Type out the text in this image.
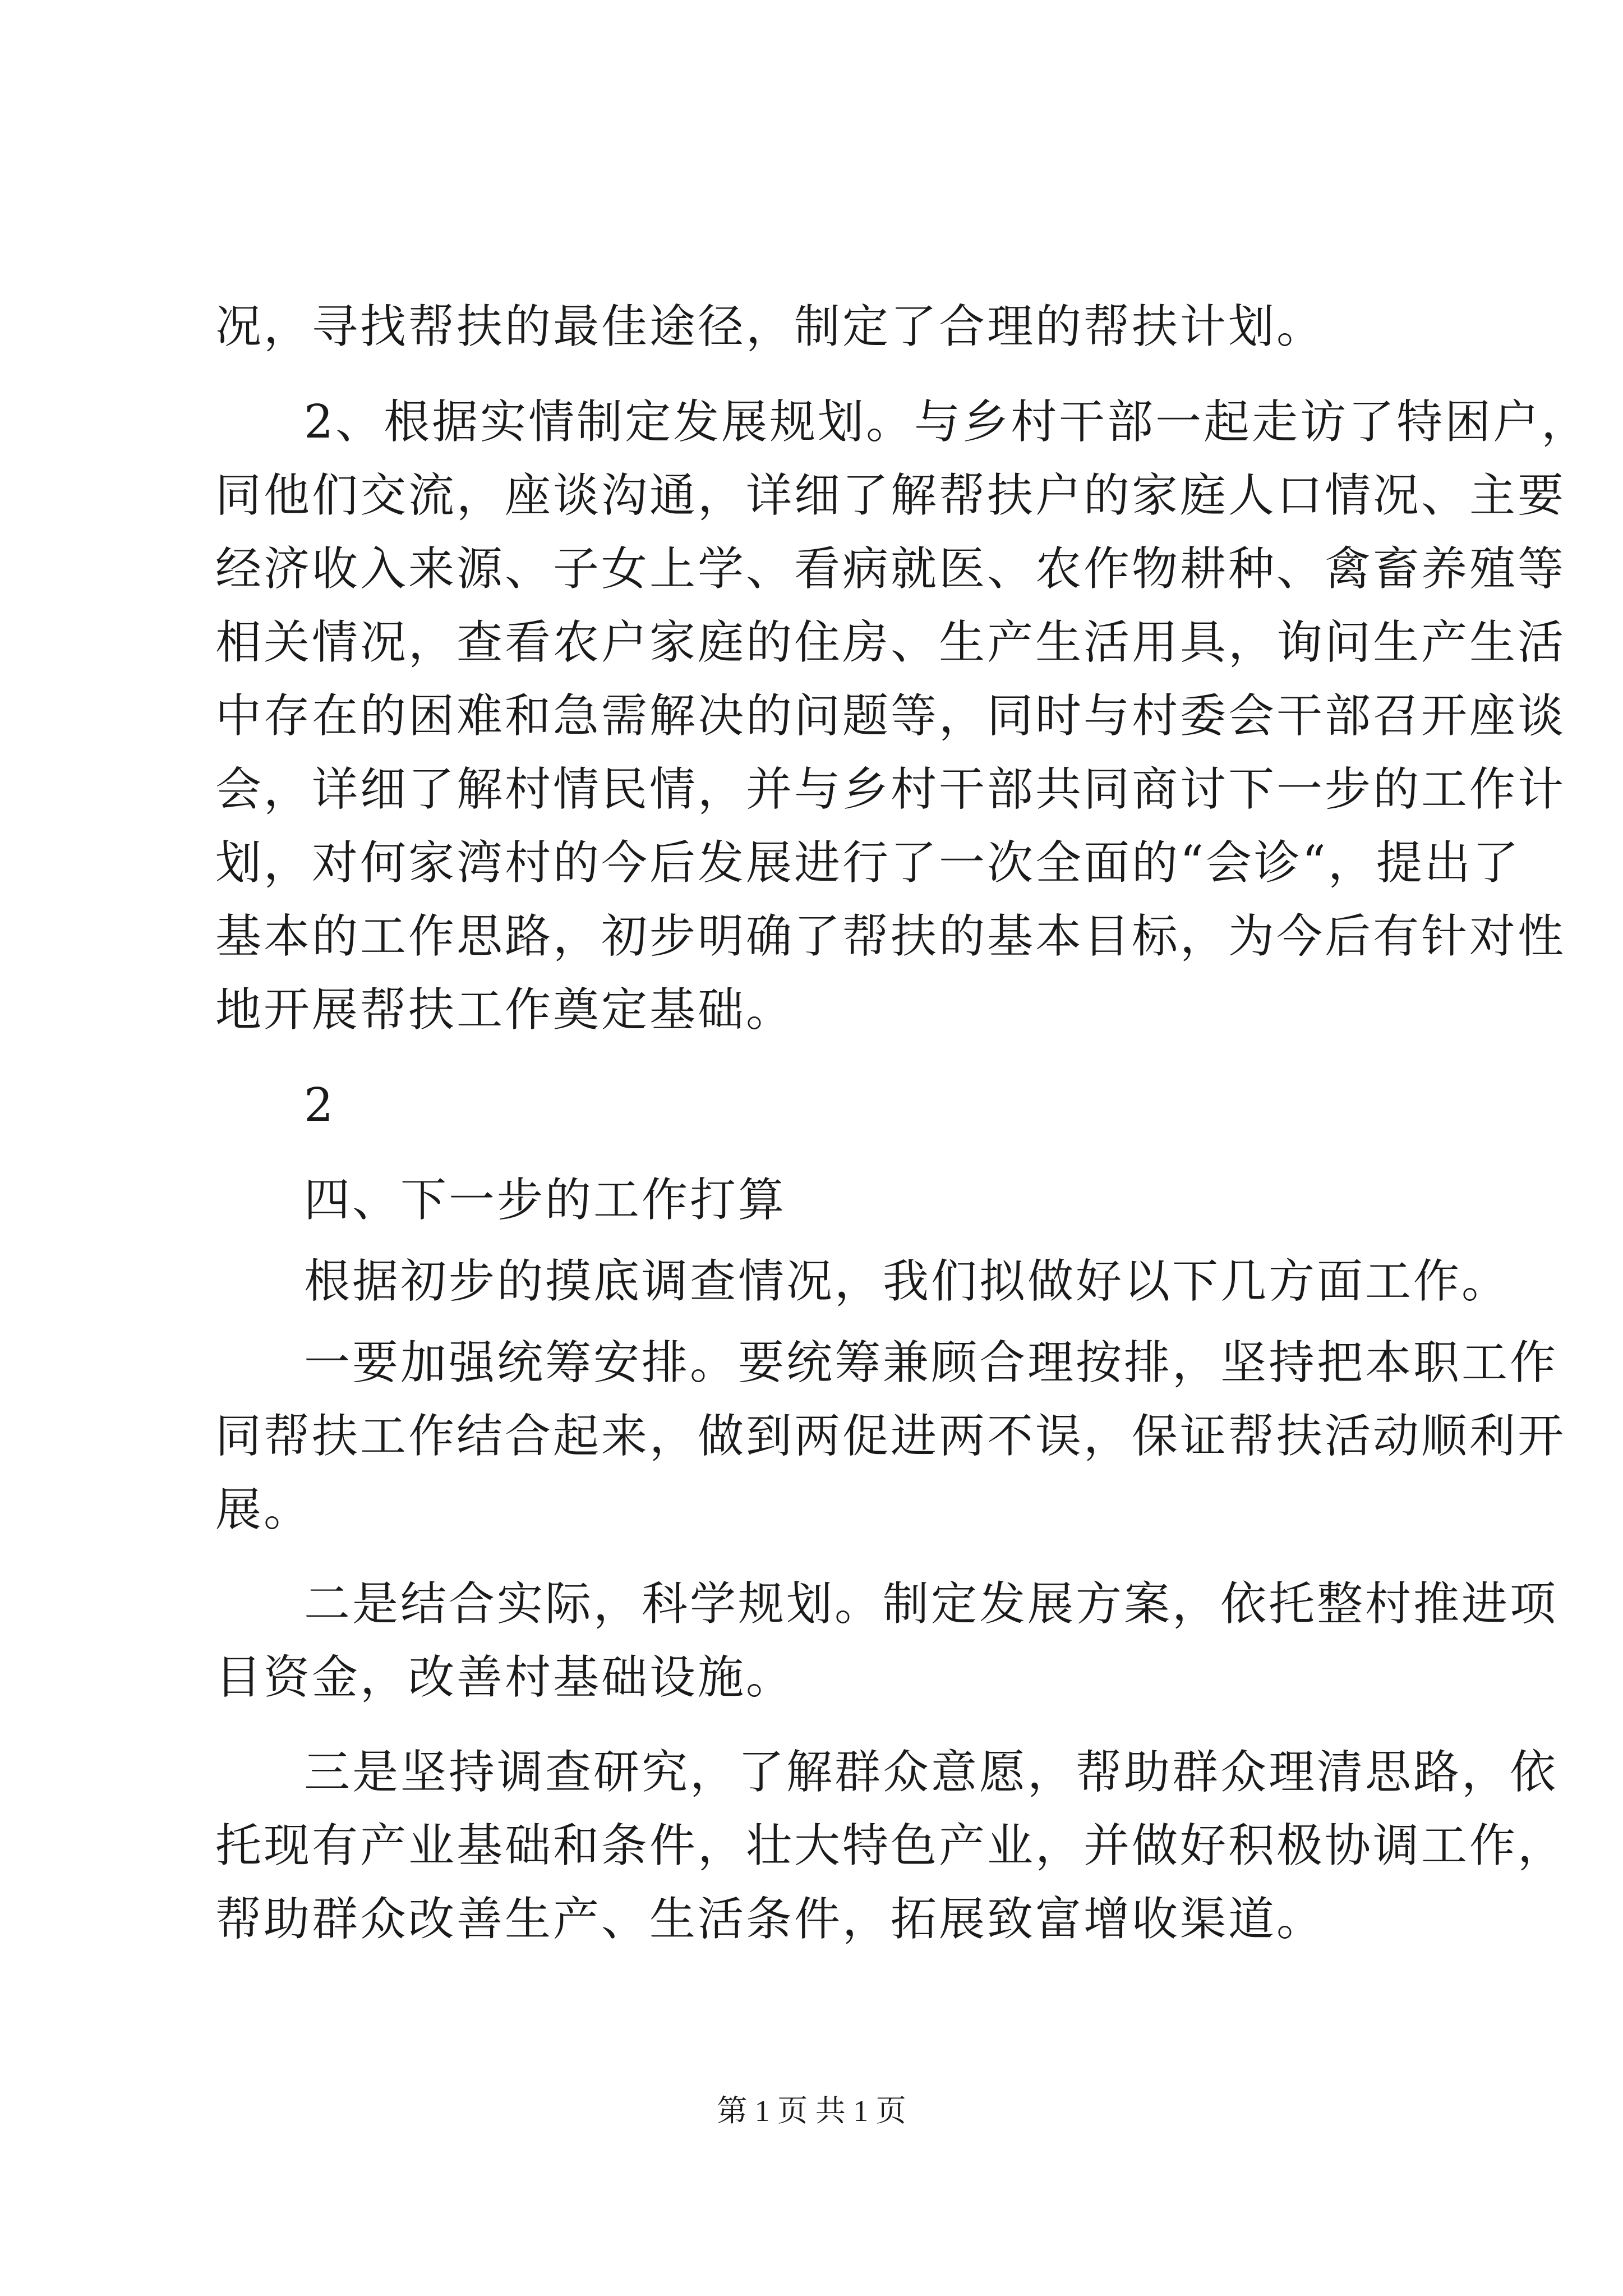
况，寻找帮扶的最佳途径，制定了合理的帮扶计划。
2、根据实情制定发展规划。与乡村干部一起走访了特困户，
同他们交流，座谈沟通，详细了解帮扶户的家庭人口情况、主要
经济收入来源、子女上学、看病就医、农作物耕种、禽畜养殖等
相关情况，查看农户家庭的住房、生产生活用具，询问生产生活
中存在的困难和急需解决的问题等，同时与村委会干部召开座谈
会，详细了解村情民情，并与乡村干部共同商讨下一步的工作计
划，对何家湾村的今后发展进行了一次全面的“会诊“，提出了
基本的工作思路，初步明确了帮扶的基本目标，为今后有针对性
地开展帮扶工作奠定基础。
2
四、下一步的工作打算
根据初步的摸底调查情况，我们拟做好以下几方面工作。
一要加强统筹安排。要统筹兼顾合理按排，坚持把本职工作
同帮扶工作结合起来，做到两促进两不误，保证帮扶活动顺利开
展。
二是结合实际，科学规划。制定发展方案，依托整村推进项
目资金，改善村基础设施。
三是坚持调查研究，了解群众意愿，帮助群众理清思路，依
托现有产业基础和条件，壮大特色产业，并做好积极协调工作，
帮助群众改善生产、生活条件，拓展致富增收渠道。
第 1 页 共 1 页
